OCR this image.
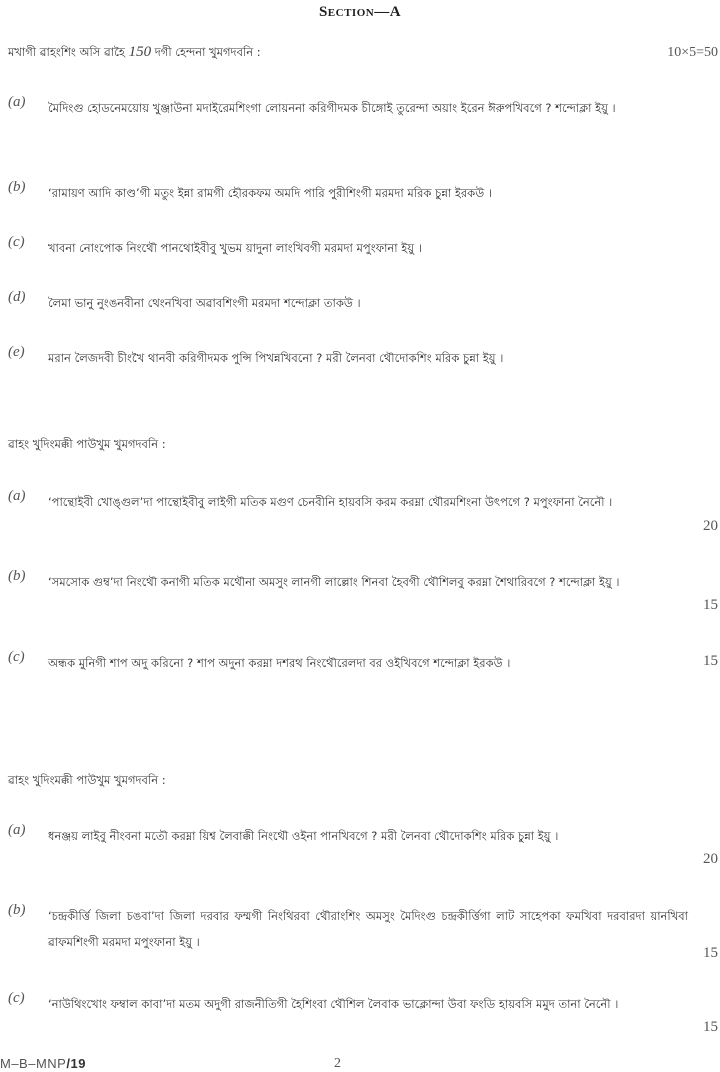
Section—A
মখাগী ৱাহংশিং অসি ৱাহৈ 150 দগী হেন্দনা খুমগদবনি :	10×5=50
(a) মৈদিংগু হোডনেময়োয় খুঞ্জাউনা মদাইরেমশিংগা লোয়ননা করিগীদমক চীঙ্গোই তুরেন্দা অয়াং ইরেন ঈরুপখিবগে ? শন্দোক্লা ইয়ু ।
(b) ‘রামায়ণ আদি কাণ্ড’গী মতুং ইন্না রামগী হৌরকফম অমদি পারি পুরীশিংগী মরমদা মরিক চুন্না ইরকউ ।
(c) খাবনা নোংপোক নিংথৌ পানথোইবীবু খুভম য়াদুনা লাংখিবগী মরমদা মপুংফানা ইয়ু ।
(d) লৈমা ভানু নুংঙনবীনা থেংনখিবা অৱাবশিংগী মরমদা শন্দোক্লা তাকউ ।
(e) মরান লৈজদবী চীংখৈ থানবী করিগীদমক পুন্সি পিখন্নখিবনো ? মরী লৈনবা থৌদোকশিং মরিক চুন্না ইয়ু ।
ৱাহং খুদিংমক্কী পাউখুম খুমগদবনি :
(a) ‘পান্থোইবী খোঙ্গুল’দা পান্থোইবীবু লাইগী মতিক মগুণ চেনবীনি হায়বসি করম করম্না থৌরমশিংনা উৎপগে ? মপুংফানা নৈনৌ ।
20
(b) ‘সমসোক গুম্ব’দা নিংথৌ কনাগী মতিক মথৌনা অমসুং লানগী লাল্লোং শিনবা হৈবগী থৌশিলবু করম্না শৈথারিবগে ? শন্দোক্লা ইয়ু ।
15
(c) অন্ধক মুনিগী শাপ অদু করিনো ? শাপ অদুনা করম্না দশরথ নিংথৌরেলদা বর ওইখিবগে শন্দোক্লা ইরকউ ।	15
ৱাহং খুদিংমক্কী পাউখুম খুমগদবনি :
(a) ধনঞ্জয় লাইবু নীংবনা মতৌ করম্না য়িশ্ব লৈবাক্কী নিংথৌ ওইনা পানখিবগে ? মরী লৈনবা থৌদোকশিং মরিক চুন্না ইয়ু ।
20
(b) ‘চন্দ্রকীর্ত্তি জিলা চঙবা’দা জিলা দরবার ফম্মগী নিংথিরবা থৌরাংশিং অমসুং মৈদিংগু চন্দ্রকীর্ত্তিগা লাট সাহেপকা ফমখিবা দরবারদা য়ানখিবা ৱাফমশিংগী মরমদা মপুংফানা ইয়ু ।
15
(c) ‘নাউথিংখোং ফম্বাল কাবা’দা মতম অদুগী রাজনীতিগী হৈশিংবা থৌশিল লৈবাক ভাক্লোন্দা উবা ফংডি হায়বসি মমুদ তানা নৈনৌ ।
15
M–B–MNP/19	2
